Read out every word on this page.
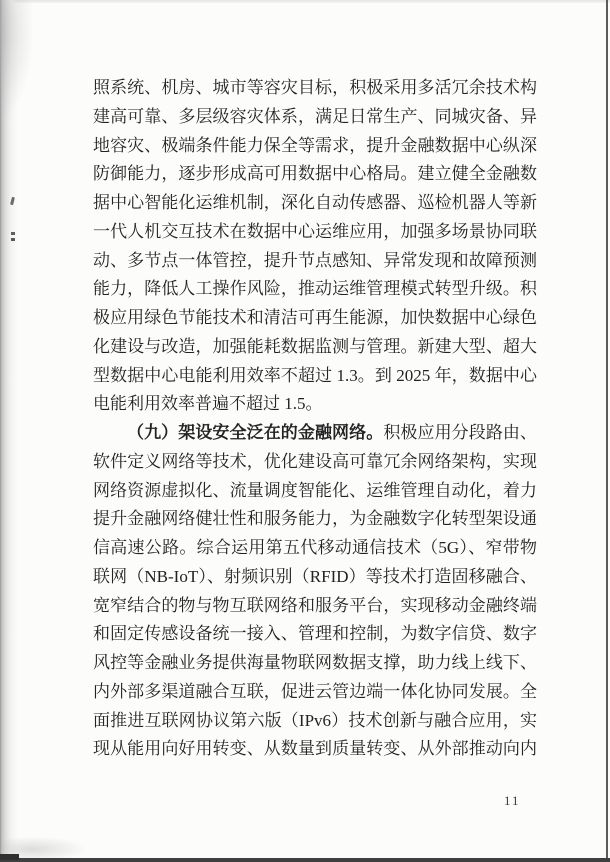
照系统、机房、城市等容灾目标，积极采用多活冗余技术构
建高可靠、多层级容灾体系，满足日常生产、同城灾备、异
地容灾、极端条件能力保全等需求，提升金融数据中心纵深
防御能力，逐步形成高可用数据中心格局。建立健全金融数
据中心智能化运维机制，深化自动传感器、巡检机器人等新
一代人机交互技术在数据中心运维应用，加强多场景协同联
动、多节点一体管控，提升节点感知、异常发现和故障预测
能力，降低人工操作风险，推动运维管理模式转型升级。积
极应用绿色节能技术和清洁可再生能源，加快数据中心绿色
化建设与改造，加强能耗数据监测与管理。新建大型、超大
型数据中心电能利用效率不超过 1.3。到 2025 年，数据中心
电能利用效率普遍不超过 1.5。
（九）架设安全泛在的金融网络。积极应用分段路由、
软件定义网络等技术，优化建设高可靠冗余网络架构，实现
网络资源虚拟化、流量调度智能化、运维管理自动化，着力
提升金融网络健壮性和服务能力，为金融数字化转型架设通
信高速公路。综合运用第五代移动通信技术（5G）、窄带物
联网（NB-IoT）、射频识别（RFID）等技术打造固移融合、
宽窄结合的物与物互联网络和服务平台，实现移动金融终端
和固定传感设备统一接入、管理和控制，为数字信贷、数字
风控等金融业务提供海量物联网数据支撑，助力线上线下、
内外部多渠道融合互联，促进云管边端一体化协同发展。全
面推进互联网协议第六版（IPv6）技术创新与融合应用，实
现从能用向好用转变、从数量到质量转变、从外部推动向内
11
